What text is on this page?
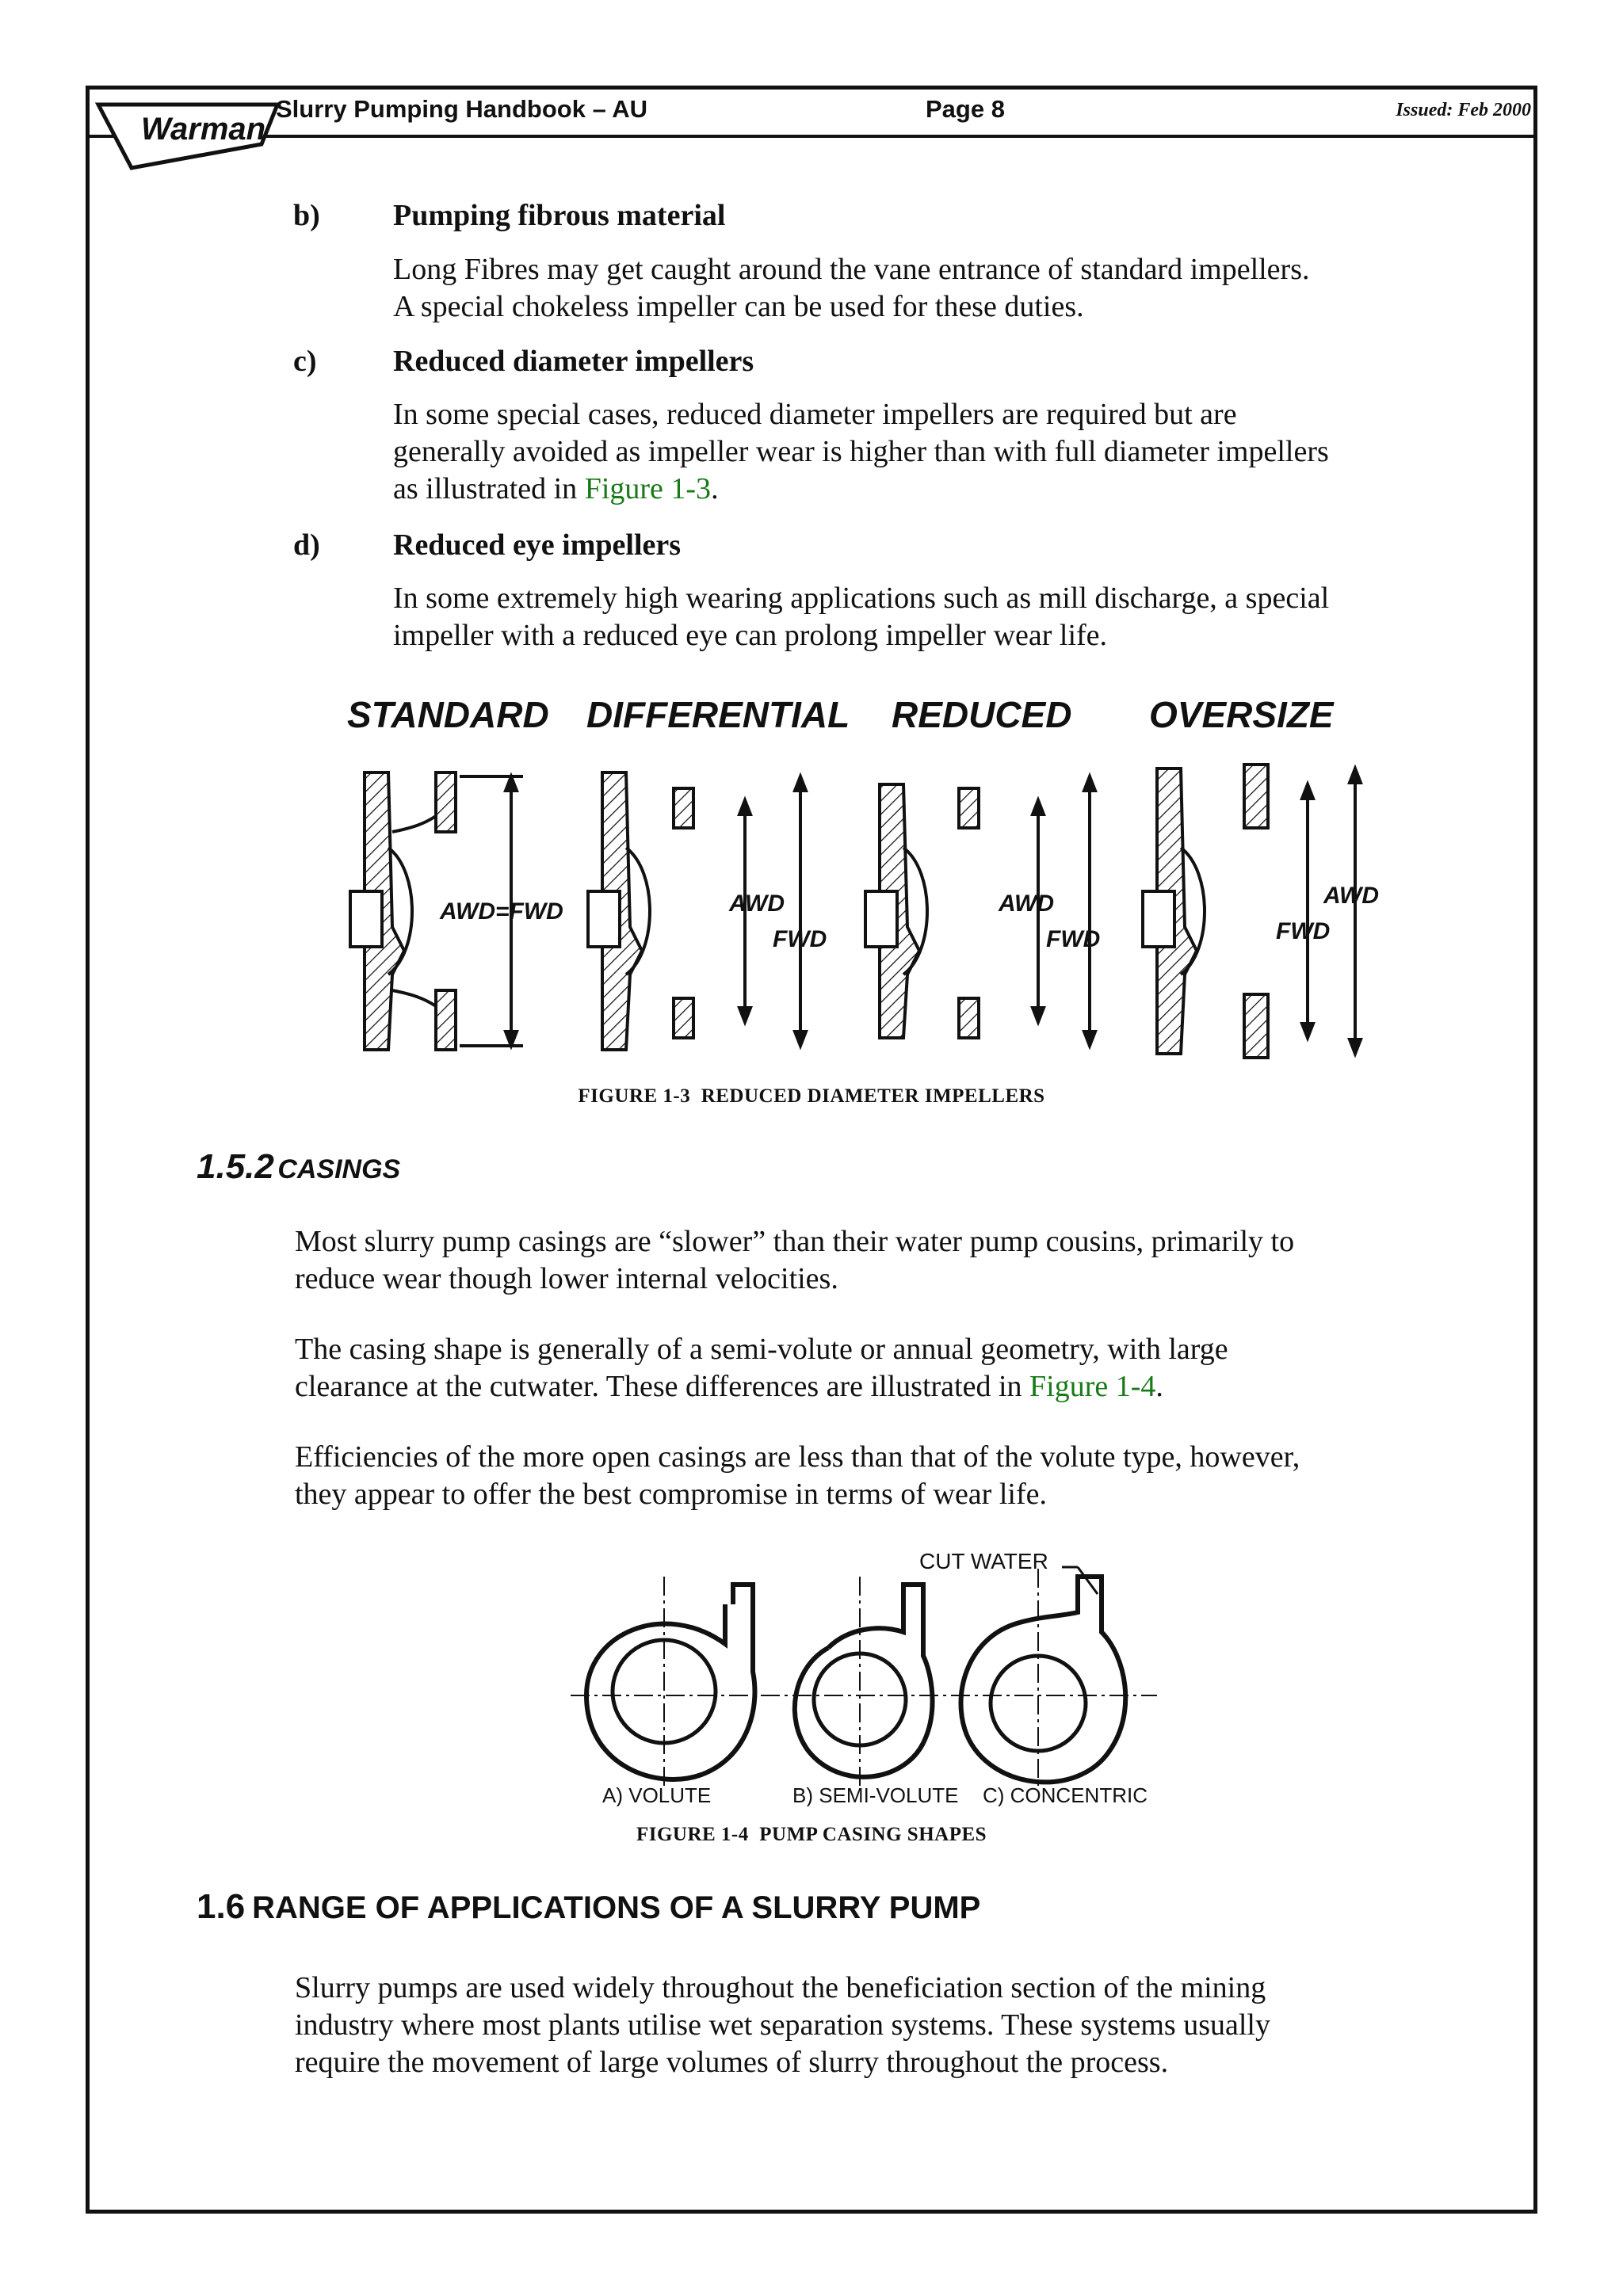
Slurry Pumping Handbook – AU	Page 8	Issued: Feb 2000
Warman
b) Pumping fibrous material
Long Fibres may get caught around the vane entrance of standard impellers.
A special chokeless impeller can be used for these duties.
c)	Reduced diameter impellers
In some special cases, reduced diameter impellers are required but are
generally avoided as impeller wear is higher than with full diameter impellers
as illustrated in Figure 1-3.
d) Reduced eye impellers
In some extremely high wearing applications such as mill discharge, a special
impeller with a reduced eye can prolong impeller wear life.
STANDARD DIFFERENTIAL REDUCED OVERSIZE
AWD=FWD	AWD
FWD
AWD
FWD
AWD
FWD
FIGURE 1-3 REDUCED DIAMETER IMPELLERS
1.5.2 CASINGS
Most slurry pump casings are “slower” than their water pump cousins, primarily to
reduce wear though lower internal velocities.
The casing shape is generally of a semi-volute or annual geometry, with large
clearance at the cutwater. These differences are illustrated in Figure 1-4.
Efficiencies of the more open casings are less than that of the volute type, however,
they appear to offer the best compromise in terms of wear life.
CUT WATER
A) VOLUTE	B) SEMI-VOLUTE C) CONCENTRIC
FIGURE 1-4 PUMP CASING SHAPES
1.6 RANGE OF APPLICATIONS OF A SLURRY PUMP
Slurry pumps are used widely throughout the beneficiation section of the mining
industry where most plants utilise wet separation systems. These systems usually
require the movement of large volumes of slurry throughout the process.
